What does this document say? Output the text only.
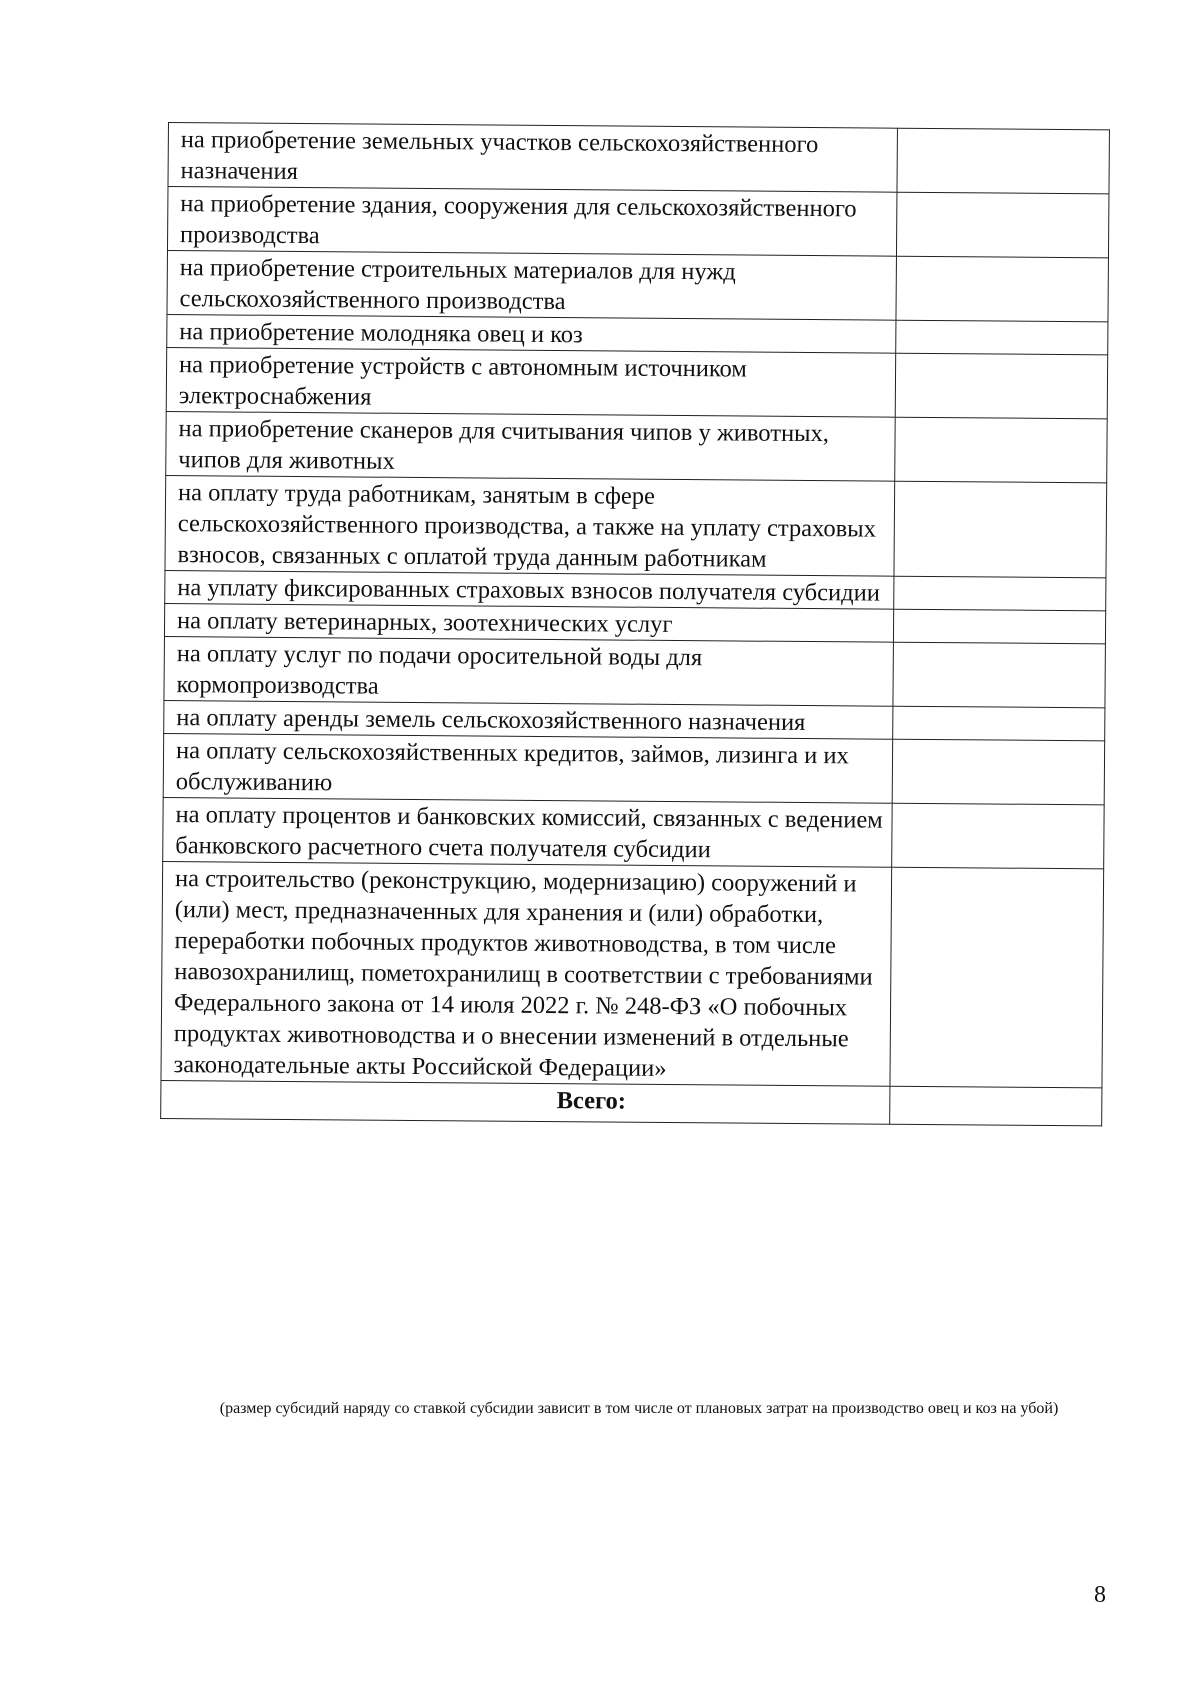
на приобретение земельных участков сельскохозяйственного назначения	
на приобретение здания, сооружения для сельскохозяйственного производства	
на приобретение строительных материалов для нужд сельскохозяйственного производства	
на приобретение молодняка овец и коз	
на приобретение устройств с автономным источником электроснабжения	
на приобретение сканеров для считывания чипов у животных, чипов для животных	
на оплату труда работникам, занятым в сфере сельскохозяйственного производства, а также на уплату страховых взносов, связанных с оплатой труда данным работникам	
на уплату фиксированных страховых взносов получателя субсидии	
на оплату ветеринарных, зоотехнических услуг	
на оплату услуг по подачи оросительной воды для кормопроизводства	
на оплату аренды земель сельскохозяйственного назначения	
на оплату сельскохозяйственных кредитов, займов, лизинга и их обслуживанию	
на оплату процентов и банковских комиссий, связанных с ведением банковского расчетного счета получателя субсидии	
на строительство (реконструкцию, модернизацию) сооружений и (или) мест, предназначенных для хранения и (или) обработки, переработки побочных продуктов животноводства, в том числе навозохранилищ, пометохранилищ в соответствии с требованиями Федерального закона от 14 июля 2022 г. № 248-ФЗ «О побочных продуктах животноводства и о внесении изменений в отдельные законодательные акты Российской Федерации»	
Всего:	
(размер субсидий наряду со ставкой субсидии зависит в том числе от плановых затрат на производство овец и коз на убой)
8
